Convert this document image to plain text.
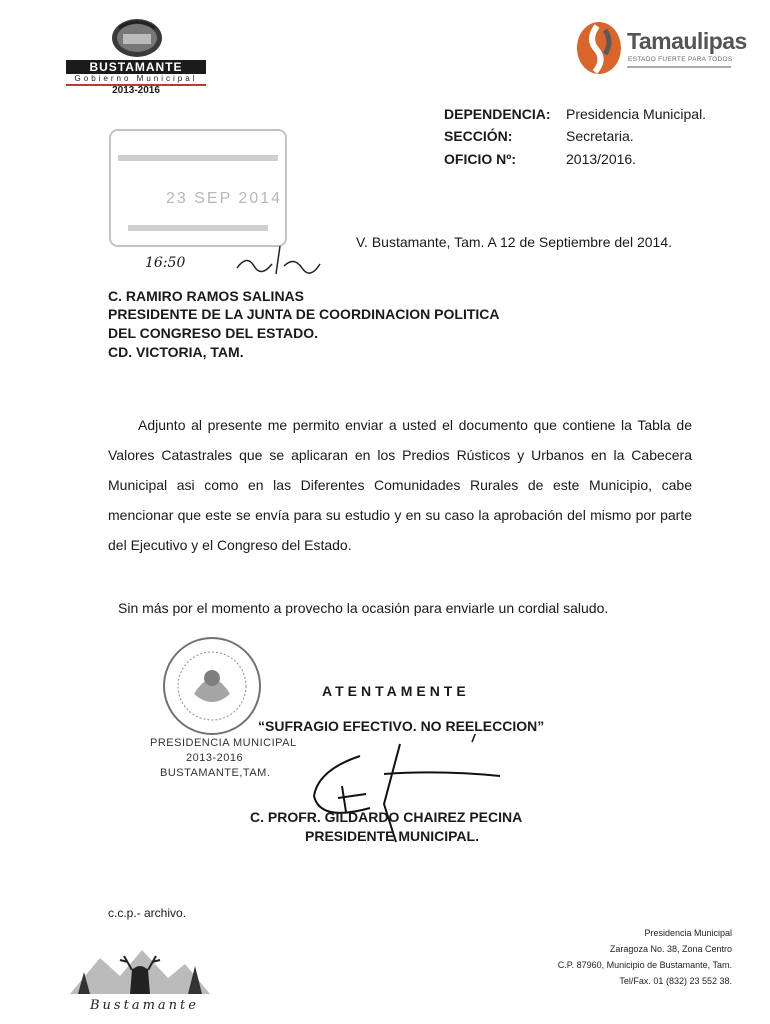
BUSTAMANTE
Gobierno Municipal
2013-2016
Tamaulipas
ESTADO FUERTE PARA TODOS
DEPENDENCIA: Presidencia Municipal.
SECCIÓN:	Secretaria.
OFICIO Nº:	2013/2016.
23 SEP 2014
16:50
V. Bustamante, Tam. A 12 de Septiembre del 2014.
C. RAMIRO RAMOS SALINAS
PRESIDENTE DE LA JUNTA DE COORDINACION POLITICA
DEL CONGRESO DEL ESTADO.
CD. VICTORIA, TAM.
Adjunto al presente me permito enviar a usted el documento que contiene la Tabla de Valores Catastrales que se aplicaran en los Predios Rústicos y Urbanos en la Cabecera Municipal asi como en las Diferentes Comunidades Rurales de este Municipio, cabe mencionar que este se envía para su estudio y en su caso la aprobación del mismo por parte del Ejecutivo y el Congreso del Estado.
Sin más por el momento a provecho la ocasión para enviarle un cordial saludo.
PRESIDENCIA MUNICIPAL
2013-2016
BUSTAMANTE,TAM.
ATENTAMENTE
“SUFRAGIO EFECTIVO. NO REELECCION”
C. PROFR. GILDARDO CHAIREZ PECINA
PRESIDENTE MUNICIPAL.
c.c.p.- archivo.
Bustamante
Presidencia Municipal
Zaragoza No. 38, Zona Centro
C.P. 87960, Municipio de Bustamante, Tam.
Tel/Fax. 01 (832) 23 552 38.
